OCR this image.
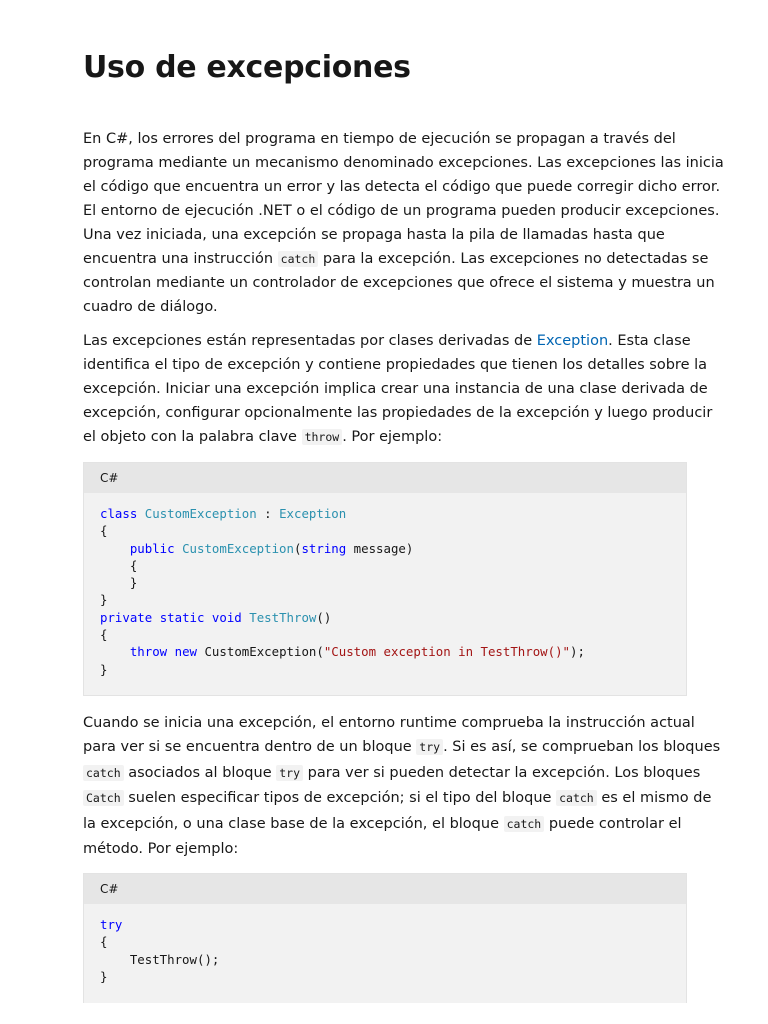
Uso de excepciones
En C#, los errores del programa en tiempo de ejecución se propagan a través del
programa mediante un mecanismo denominado excepciones. Las excepciones las inicia
el código que encuentra un error y las detecta el código que puede corregir dicho error.
El entorno de ejecución .NET o el código de un programa pueden producir excepciones.
Una vez iniciada, una excepción se propaga hasta la pila de llamadas hasta que
encuentra una instrucción catch para la excepción. Las excepciones no detectadas se
controlan mediante un controlador de excepciones que ofrece el sistema y muestra un
cuadro de diálogo.
Las excepciones están representadas por clases derivadas de Exception. Esta clase
identifica el tipo de excepción y contiene propiedades que tienen los detalles sobre la
excepción. Iniciar una excepción implica crear una instancia de una clase derivada de
excepción, configurar opcionalmente las propiedades de la excepción y luego producir
el objeto con la palabra clave throw . Por ejemplo:
C#
class CustomException : Exception
{
public CustomException(string message)
{
}
}
private static void TestThrow()
{
throw new CustomException("Custom exception in TestThrow()");
}
Cuando se inicia una excepción, el entorno runtime comprueba la instrucción actual
para ver si se encuentra dentro de un bloque try . Si es así, se comprueban los bloques
catch asociados al bloque try para ver si pueden detectar la excepción. Los bloques
Catch suelen especificar tipos de excepción; si el tipo del bloque catch es el mismo de
la excepción, o una clase base de la excepción, el bloque catch puede controlar el
método. Por ejemplo:
C#
try
{
TestThrow();
}
